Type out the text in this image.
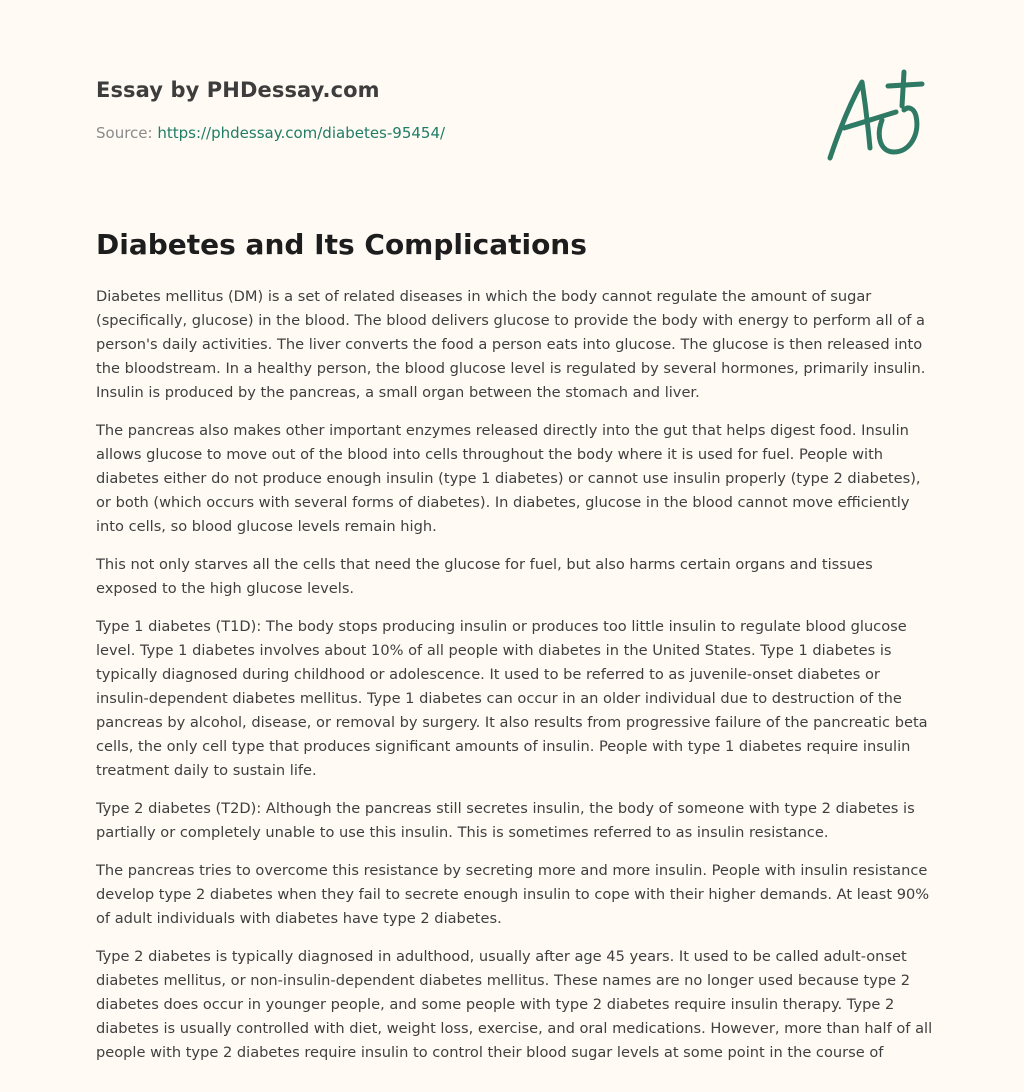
Essay by PHDessay.com
Source: https://phdessay.com/diabetes-95454/
Diabetes and Its Complications

Diabetes mellitus (DM) is a set of related diseases in which the body cannot regulate the amount of sugar (specifically, glucose) in the blood. The blood delivers glucose to provide the body with energy to perform all of a person's daily activities. The liver converts the food a person eats into glucose. The glucose is then released into the bloodstream. In a healthy person, the blood glucose level is regulated by several hormones, primarily insulin. Insulin is produced by the pancreas, a small organ between the stomach and liver.

The pancreas also makes other important enzymes released directly into the gut that helps digest food. Insulin allows glucose to move out of the blood into cells throughout the body where it is used for fuel. People with diabetes either do not produce enough insulin (type 1 diabetes) or cannot use insulin properly (type 2 diabetes), or both (which occurs with several forms of diabetes). In diabetes, glucose in the blood cannot move efficiently into cells, so blood glucose levels remain high.

This not only starves all the cells that need the glucose for fuel, but also harms certain organs and tissues exposed to the high glucose levels.

Type 1 diabetes (T1D): The body stops producing insulin or produces too little insulin to regulate blood glucose level. Type 1 diabetes involves about 10% of all people with diabetes in the United States. Type 1 diabetes is typically diagnosed during childhood or adolescence. It used to be referred to as juvenile-onset diabetes or insulin-dependent diabetes mellitus. Type 1 diabetes can occur in an older individual due to destruction of the pancreas by alcohol, disease, or removal by surgery. It also results from progressive failure of the pancreatic beta cells, the only cell type that produces significant amounts of insulin. People with type 1 diabetes require insulin treatment daily to sustain life.

Type 2 diabetes (T2D): Although the pancreas still secretes insulin, the body of someone with type 2 diabetes is partially or completely unable to use this insulin. This is sometimes referred to as insulin resistance.

The pancreas tries to overcome this resistance by secreting more and more insulin. People with insulin resistance develop type 2 diabetes when they fail to secrete enough insulin to cope with their higher demands. At least 90% of adult individuals with diabetes have type 2 diabetes.

Type 2 diabetes is typically diagnosed in adulthood, usually after age 45 years. It used to be called adult-onset diabetes mellitus, or non-insulin-dependent diabetes mellitus. These names are no longer used because type 2 diabetes does occur in younger people, and some people with type 2 diabetes require insulin therapy. Type 2 diabetes is usually controlled with diet, weight loss, exercise, and oral medications. However, more than half of all people with type 2 diabetes require insulin to control their blood sugar levels at some point in the course of
